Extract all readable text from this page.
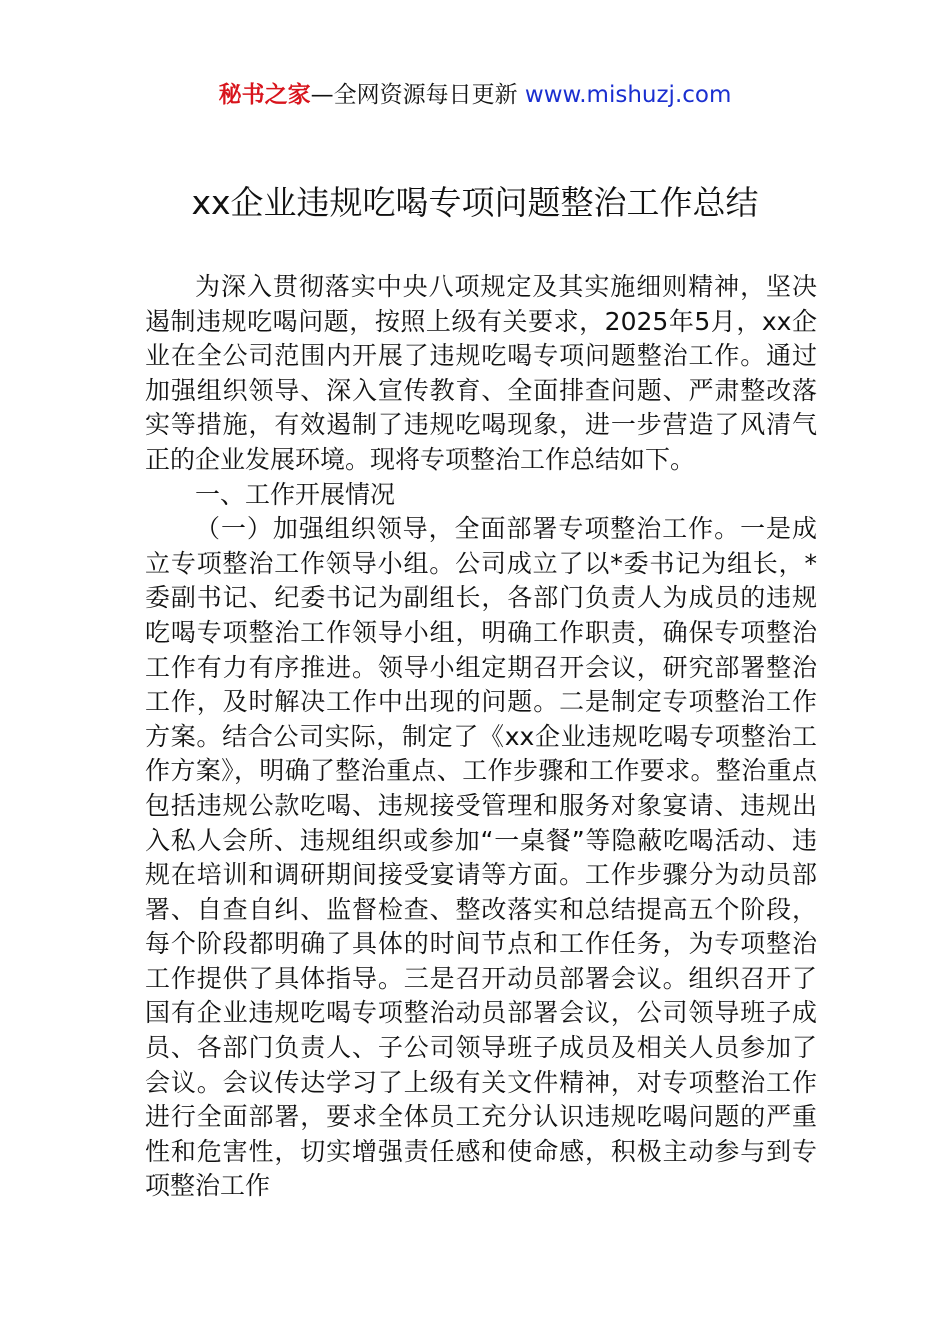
秘书之家—全网资源每日更新 www.mishuzj.com
xx企业违规吃喝专项问题整治工作总结

为深入贯彻落实中央八项规定及其实施细则精神，坚决遏制违规吃喝问题，按照上级有关要求，2025年5月，xx企业在全公司范围内开展了违规吃喝专项问题整治工作。通过加强组织领导、深入宣传教育、全面排查问题、严肃整改落实等措施，有效遏制了违规吃喝现象，进一步营造了风清气正的企业发展环境。现将专项整治工作总结如下。

一、工作开展情况

（一）加强组织领导，全面部署专项整治工作。一是成立专项整治工作领导小组。公司成立了以*委书记为组长，*委副书记、纪委书记为副组长，各部门负责人为成员的违规吃喝专项整治工作领导小组，明确工作职责，确保专项整治工作有力有序推进。领导小组定期召开会议，研究部署整治工作，及时解决工作中出现的问题。二是制定专项整治工作方案。结合公司实际，制定了《xx企业违规吃喝专项整治工作方案》，明确了整治重点、工作步骤和工作要求。整治重点包括违规公款吃喝、违规接受管理和服务对象宴请、违规出入私人会所、违规组织或参加“一桌餐”等隐蔽吃喝活动、违规在培训和调研期间接受宴请等方面。工作步骤分为动员部署、自查自纠、监督检查、整改落实和总结提高五个阶段，每个阶段都明确了具体的时间节点和工作任务，为专项整治工作提供了具体指导。三是召开动员部署会议。组织召开了国有企业违规吃喝专项整治动员部署会议，公司领导班子成员、各部门负责人、子公司领导班子成员及相关人员参加了会议。会议传达学习了上级有关文件精神，对专项整治工作进行全面部署，要求全体员工充分认识违规吃喝问题的严重性和危害性，切实增强责任感和使命感，积极主动参与到专项整治工作
